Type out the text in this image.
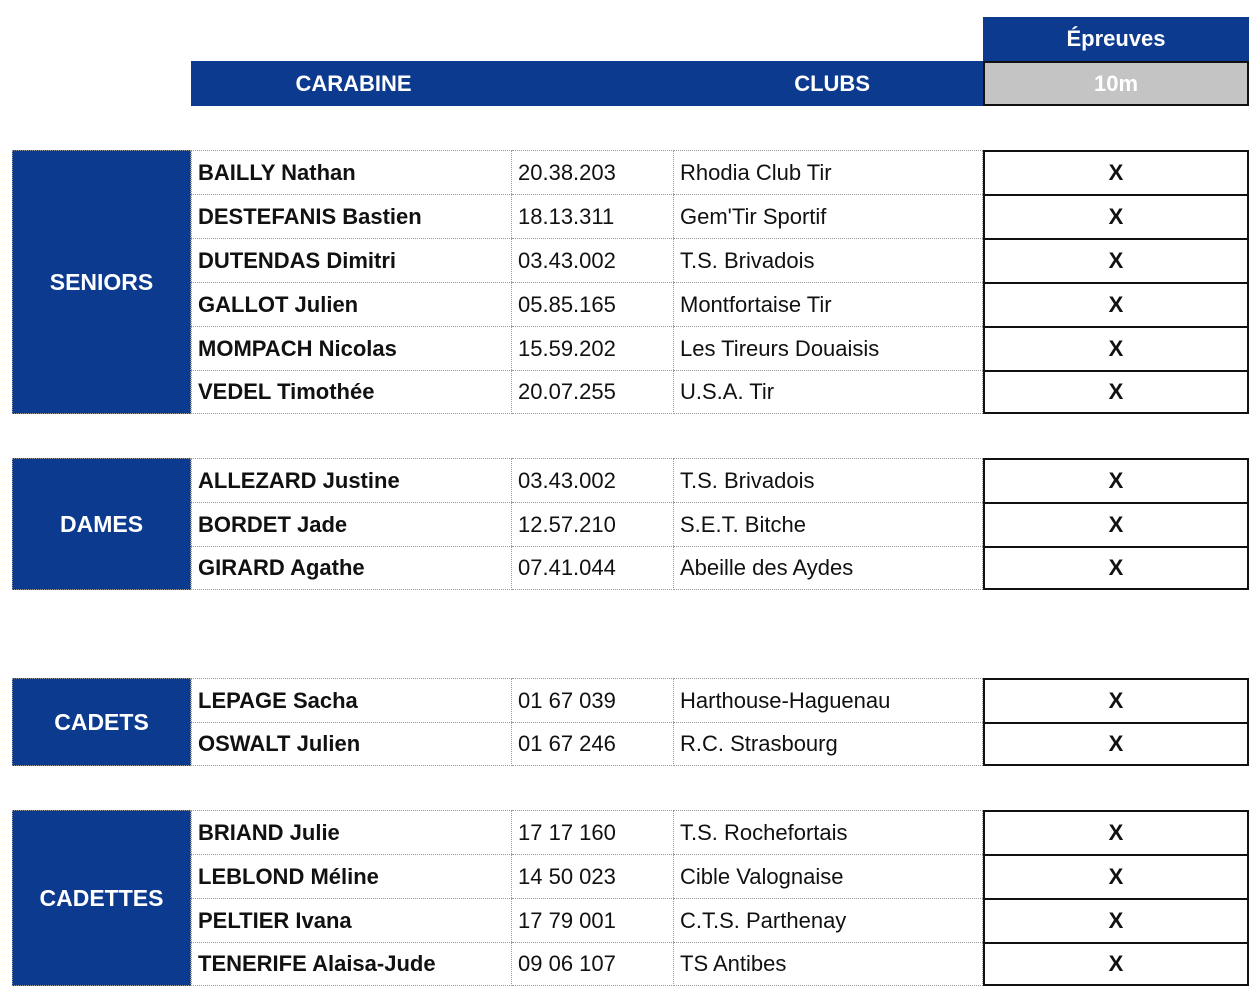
Épreuves
CARABINE	CLUBS	10m
SENIORS
BAILLY Nathan	20.38.203	Rhodia Club Tir	X
DESTEFANIS Bastien	18.13.311	Gem'Tir Sportif	X
DUTENDAS Dimitri	03.43.002	T.S. Brivadois	X
GALLOT Julien	05.85.165	Montfortaise Tir	X
MOMPACH Nicolas	15.59.202	Les Tireurs Douaisis	X
VEDEL Timothée	20.07.255	U.S.A. Tir	X
DAMES
ALLEZARD Justine	03.43.002	T.S. Brivadois	X
BORDET Jade	12.57.210	S.E.T. Bitche	X
GIRARD Agathe	07.41.044	Abeille des Aydes	X
CADETS
LEPAGE Sacha	01 67 039	Harthouse-Haguenau	X
OSWALT Julien	01 67 246	R.C. Strasbourg	X
CADETTES
BRIAND Julie	17 17 160	T.S. Rochefortais	X
LEBLOND Méline	14 50 023	Cible Valognaise	X
PELTIER Ivana	17 79 001	C.T.S. Parthenay	X
TENERIFE Alaisa-Jude	09 06 107	TS Antibes	X
